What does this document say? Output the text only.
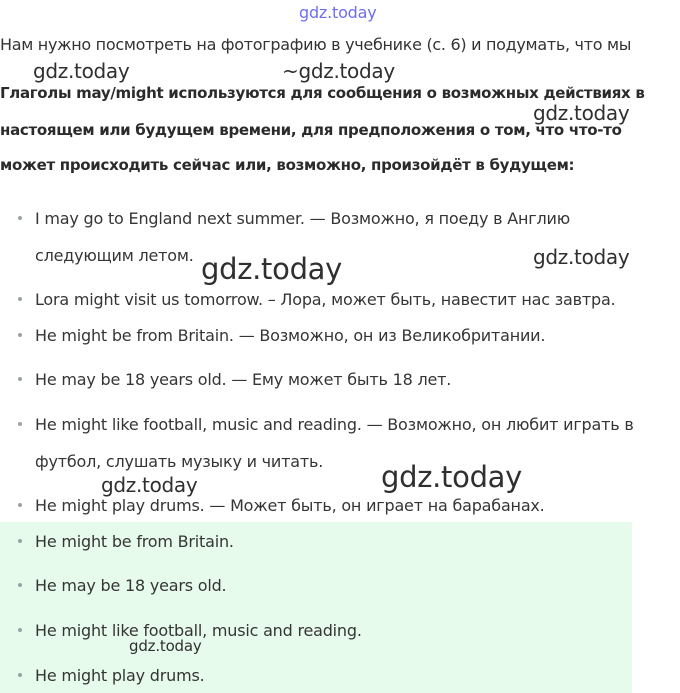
gdz.today
Нам нужно посмотреть на фотографию в учебнике (с. 6) и подумать, что мы
gdz.today	~gdz.today
Глаголы may/might используются для сообщения о возможных действиях в
настоящем или будущем времени, для предположения о том, что что-то
может происходить сейчас или, возможно, произойдёт в будущем:
gdz.today
I may go to England next summer. — Возможно, я поеду в Англию
следующим летом. gdz.today	gdz.today
Lora might visit us tomorrow. – Лора, может быть, навестит нас завтра.
He might be from Britain. — Возможно, он из Великобритании.
He may be 18 years old. — Ему может быть 18 лет.
He might like football, music and reading. — Возможно, он любит играть в
футбол, слушать музыку и читать. gdz.today
gdz.today
He might play drums. — Может быть, он играет на барабанах.
He might be from Britain.
He may be 18 years old.
He might like football, music and reading.
gdz.today
He might play drums.
